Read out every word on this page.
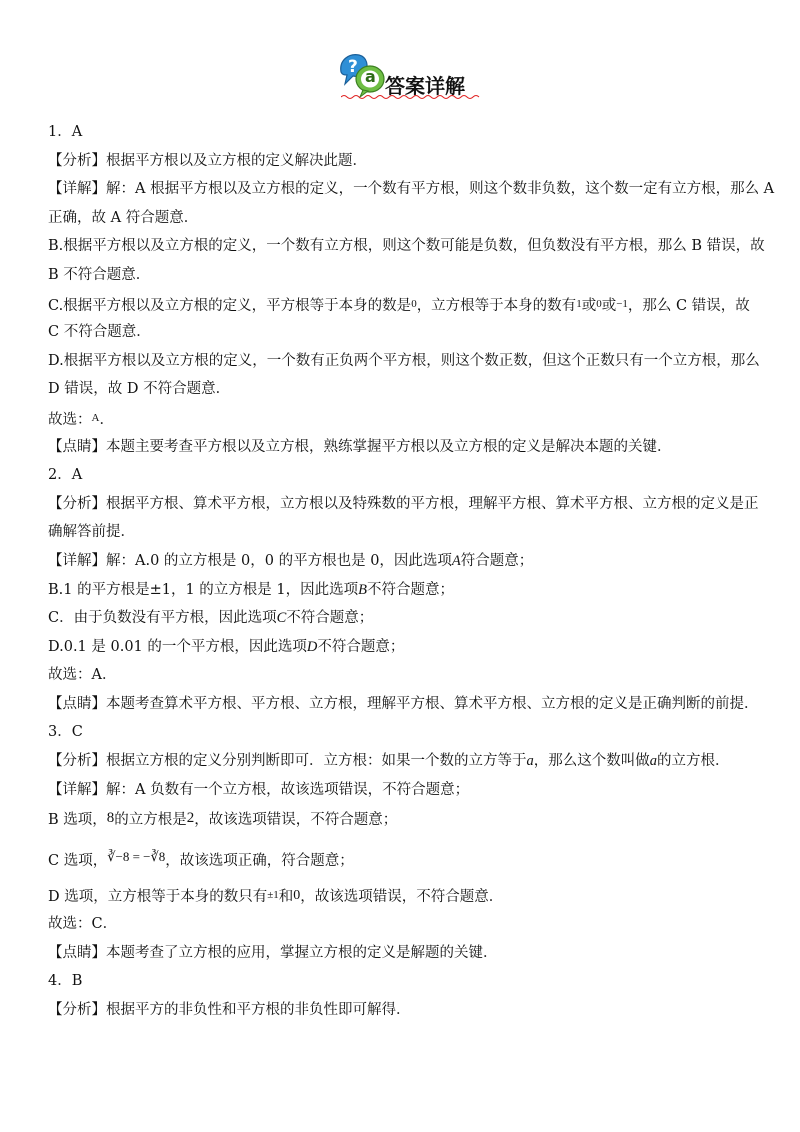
? a 答案详解
1．A
【分析】根据平方根以及立方根的定义解决此题．
【详解】解：A 根据平方根以及立方根的定义，一个数有平方根，则这个数非负数，这个数一定有立方根，那么 A
正确，故 A 符合题意．
B.根据平方根以及立方根的定义，一个数有立方根，则这个数可能是负数，但负数没有平方根，那么 B 错误，故
B 不符合题意．
C.根据平方根以及立方根的定义，平方根等于本身的数是$^0$，立方根等于本身的数有$^1$或$^0$或$^{-1}$，那么 C 错误，故
C 不符合题意．
D.根据平方根以及立方根的定义，一个数有正负两个平方根，则这个数正数，但这个正数只有一个立方根，那么
D 错误，故 D 不符合题意．
故选：$^A$．
【点睛】本题主要考查平方根以及立方根，熟练掌握平方根以及立方根的定义是解决本题的关键．
2．A
【分析】根据平方根、算术平方根，立方根以及特殊数的平方根，理解平方根、算术平方根、立方根的定义是正
确解答前提．
【详解】解：A.0 的立方根是 0，0 的平方根也是 0，因此选项A符合题意；
B.1 的平方根是±1，1 的立方根是 1，因此选项B不符合题意；
C．由于负数没有平方根，因此选项C不符合题意；
D.0.1 是 0.01 的一个平方根，因此选项D不符合题意；
故选：A．
【点睛】本题考查算术平方根、平方根、立方根，理解平方根、算术平方根、立方根的定义是正确判断的前提．
3．C
【分析】根据立方根的定义分别判断即可．立方根：如果一个数的立方等于a，那么这个数叫做a的立方根．
【详解】解：A 负数有一个立方根，故该选项错误，不符合题意；
B 选项，8的立方根是2，故该选项错误，不符合题意；
C 选项，∛−8 = −∛8，故该选项正确，符合题意；
D 选项，立方根等于本身的数只有$^{\pm 1}$和0，故该选项错误，不符合题意．
故选：C．
【点睛】本题考查了立方根的应用，掌握立方根的定义是解题的关键．
4．B
【分析】根据平方的非负性和平方根的非负性即可解得．
